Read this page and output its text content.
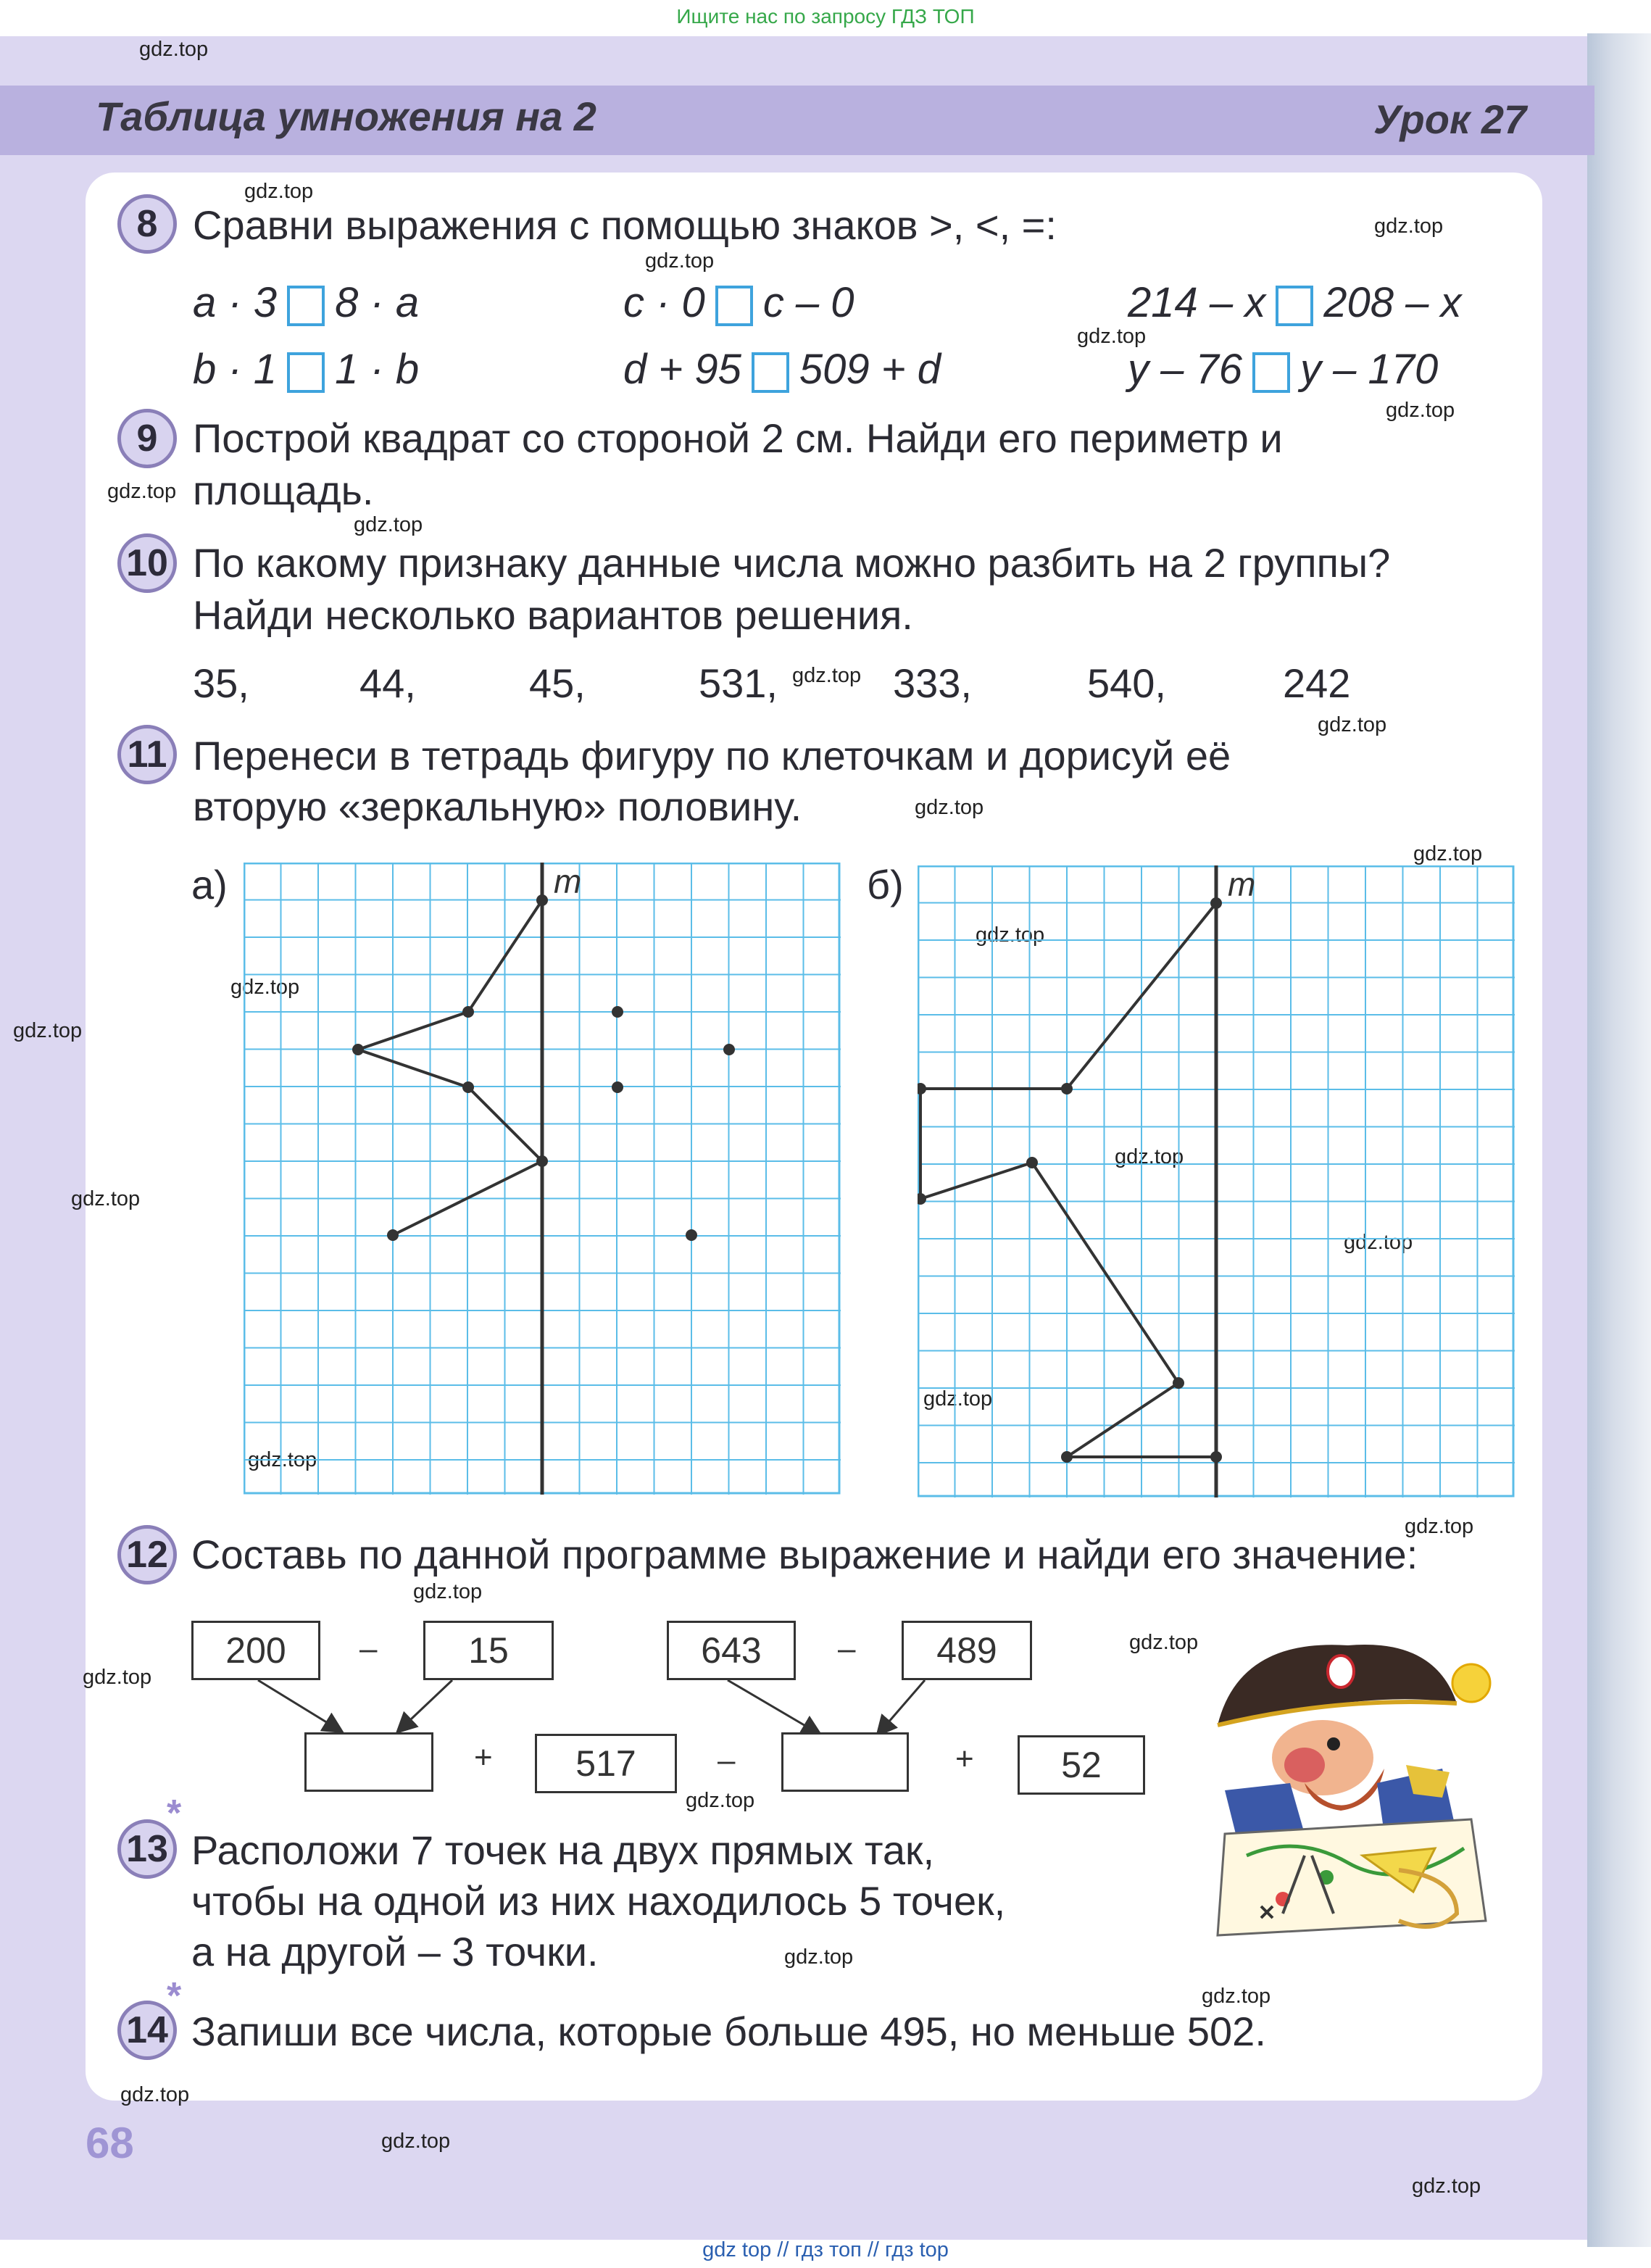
Ищите нас по запросу ГДЗ ТОП
Таблица умножения на 2	Урок 27
gdz.top
gdz.top
gdz.top
gdz.top
gdz.top
gdz.top
gdz.top
gdz.top
gdz.top
gdz.top
gdz.top
gdz.top
gdz.top
gdz.top
gdz.top
gdz.top
gdz.top
gdz.top
gdz.top
gdz.top
gdz.top
gdz.top
gdz.top
gdz.top
gdz.top
gdz.top
gdz.top
gdz.top
gdz.top
gdz.top
8 Сравни выражения с помощью знаков >, <, =:
a · 3 8 · a	c · 0 c – 0	214 – x 208 – x
b · 1 1 · b	d + 95 509 + d	y – 76 y – 170
9 Построй квадрат со стороной 2 см. Найди его периметр и
площадь.
10 По какому признаку данные числа можно разбить на 2 группы?
Найди несколько вариантов решения.
35,	44,	45,	531,	333,	540,	242
11 Перенеси в тетрадь фигуру по клеточкам и дорисуй её
вторую «зеркальную» половину.
а)	б)
m	m
12 Составь по данной программе выражение и найди его значение:
200	–	15	643	–	489
+	517	–	+	52
13
*
Расположи 7 точек на двух прямых так,
чтобы на одной из них находилось 5 точек,
а на другой – 3 точки.
14
*
Запиши все числа, которые больше 495, но меньше 502.
68
gdz top // гдз топ // гдз top
